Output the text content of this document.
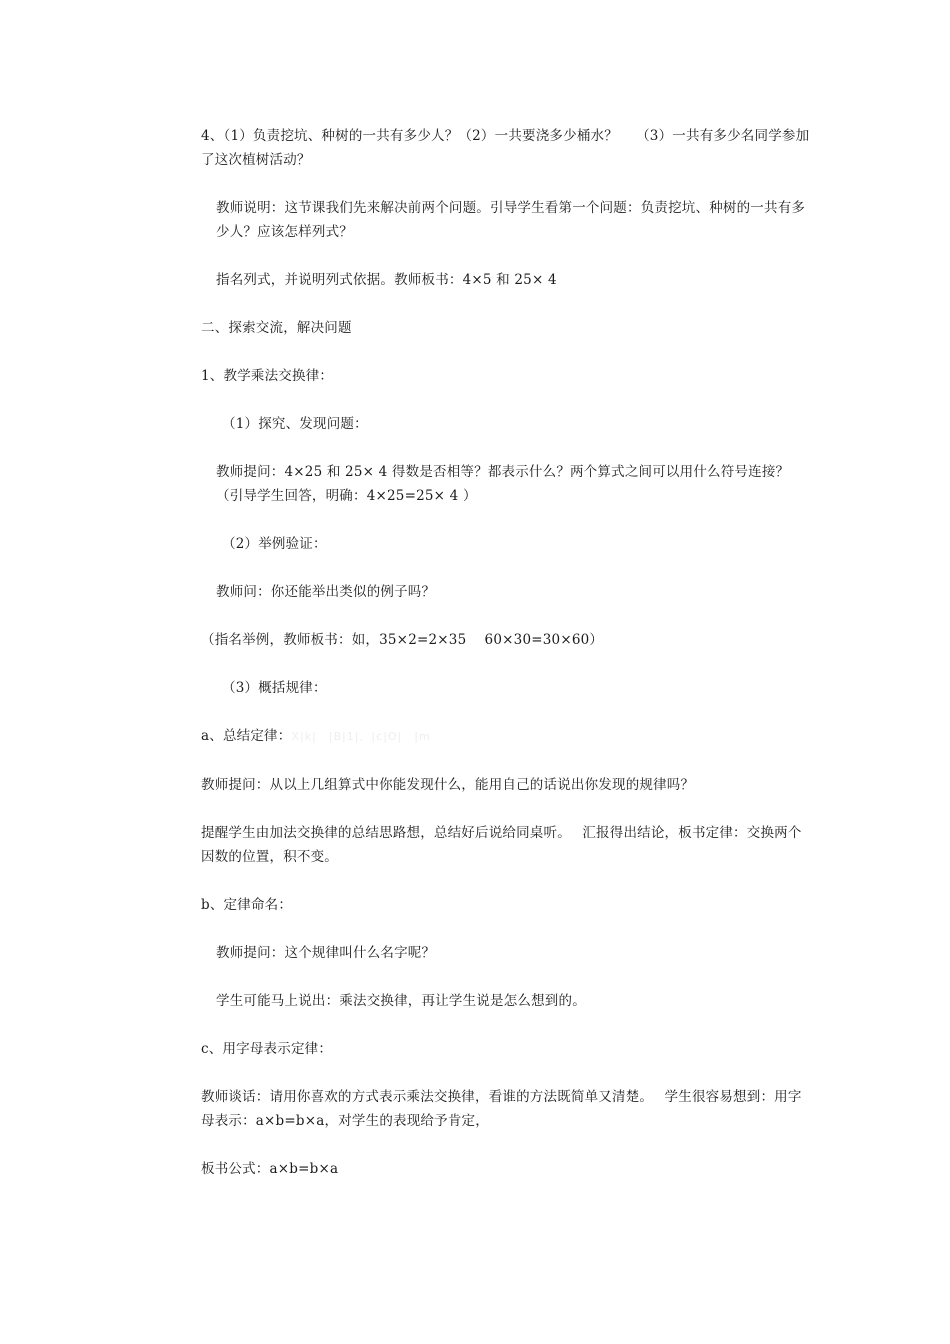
4、（1）负责挖坑、种树的一共有多少人？（2）一共要浇多少桶水？　 （3）一共有多少名同学参加了这次植树活动？

教师说明：这节课我们先来解决前两个问题。引导学生看第一个问题：负责挖坑、种树的一共有多少人？应该怎样列式？

指名列式，并说明列式依据。教师板书：4×5 和 25× 4

二、探索交流，解决问题

1、教学乘法交换律：

（1）探究、发现问题：

教师提问：4×25 和 25× 4 得数是否相等？都表示什么？两个算式之间可以用什么符号连接？（引导学生回答，明确：4×25=25× 4 ）

（2）举例验证：

教师问：你还能举出类似的例子吗？

（指名举例，教师板书：如，35×2=2×35　 60×30=30×60）

（3）概括规律：

a、总结定律：X|k|　|B|1|．|c|O|　|m

教师提问：从以上几组算式中你能发现什么，能用自己的话说出你发现的规律吗？

提醒学生由加法交换律的总结思路想，总结好后说给同桌听。　 汇报得出结论，板书定律：交换两个因数的位置，积不变。

b、定律命名：

教师提问：这个规律叫什么名字呢？

学生可能马上说出：乘法交换律，再让学生说是怎么想到的。

c、用字母表示定律：

教师谈话：请用你喜欢的方式表示乘法交换律，看谁的方法既简单又清楚。　 学生很容易想到：用字母表示：a×b=b×a，对学生的表现给予肯定，

板书公式：a×b=b×a
